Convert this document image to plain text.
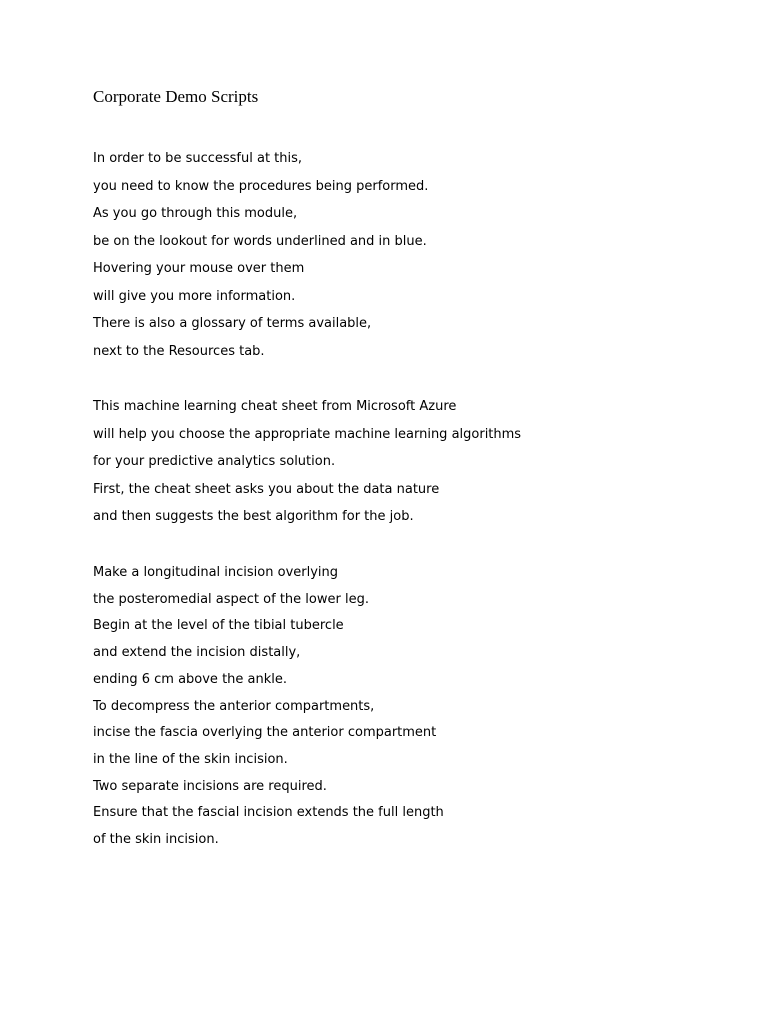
Corporate Demo Scripts
In order to be successful at this,
you need to know the procedures being performed.
As you go through this module,
be on the lookout for words underlined and in blue.
Hovering your mouse over them
will give you more information.
There is also a glossary of terms available,
next to the Resources tab.
This machine learning cheat sheet from Microsoft Azure
will help you choose the appropriate machine learning algorithms
for your predictive analytics solution.
First, the cheat sheet asks you about the data nature
and then suggests the best algorithm for the job.
Make a longitudinal incision overlying
the posteromedial aspect of the lower leg.
Begin at the level of the tibial tubercle
and extend the incision distally,
ending 6 cm above the ankle.
To decompress the anterior compartments,
incise the fascia overlying the anterior compartment
in the line of the skin incision.
Two separate incisions are required.
Ensure that the fascial incision extends the full length
of the skin incision.
